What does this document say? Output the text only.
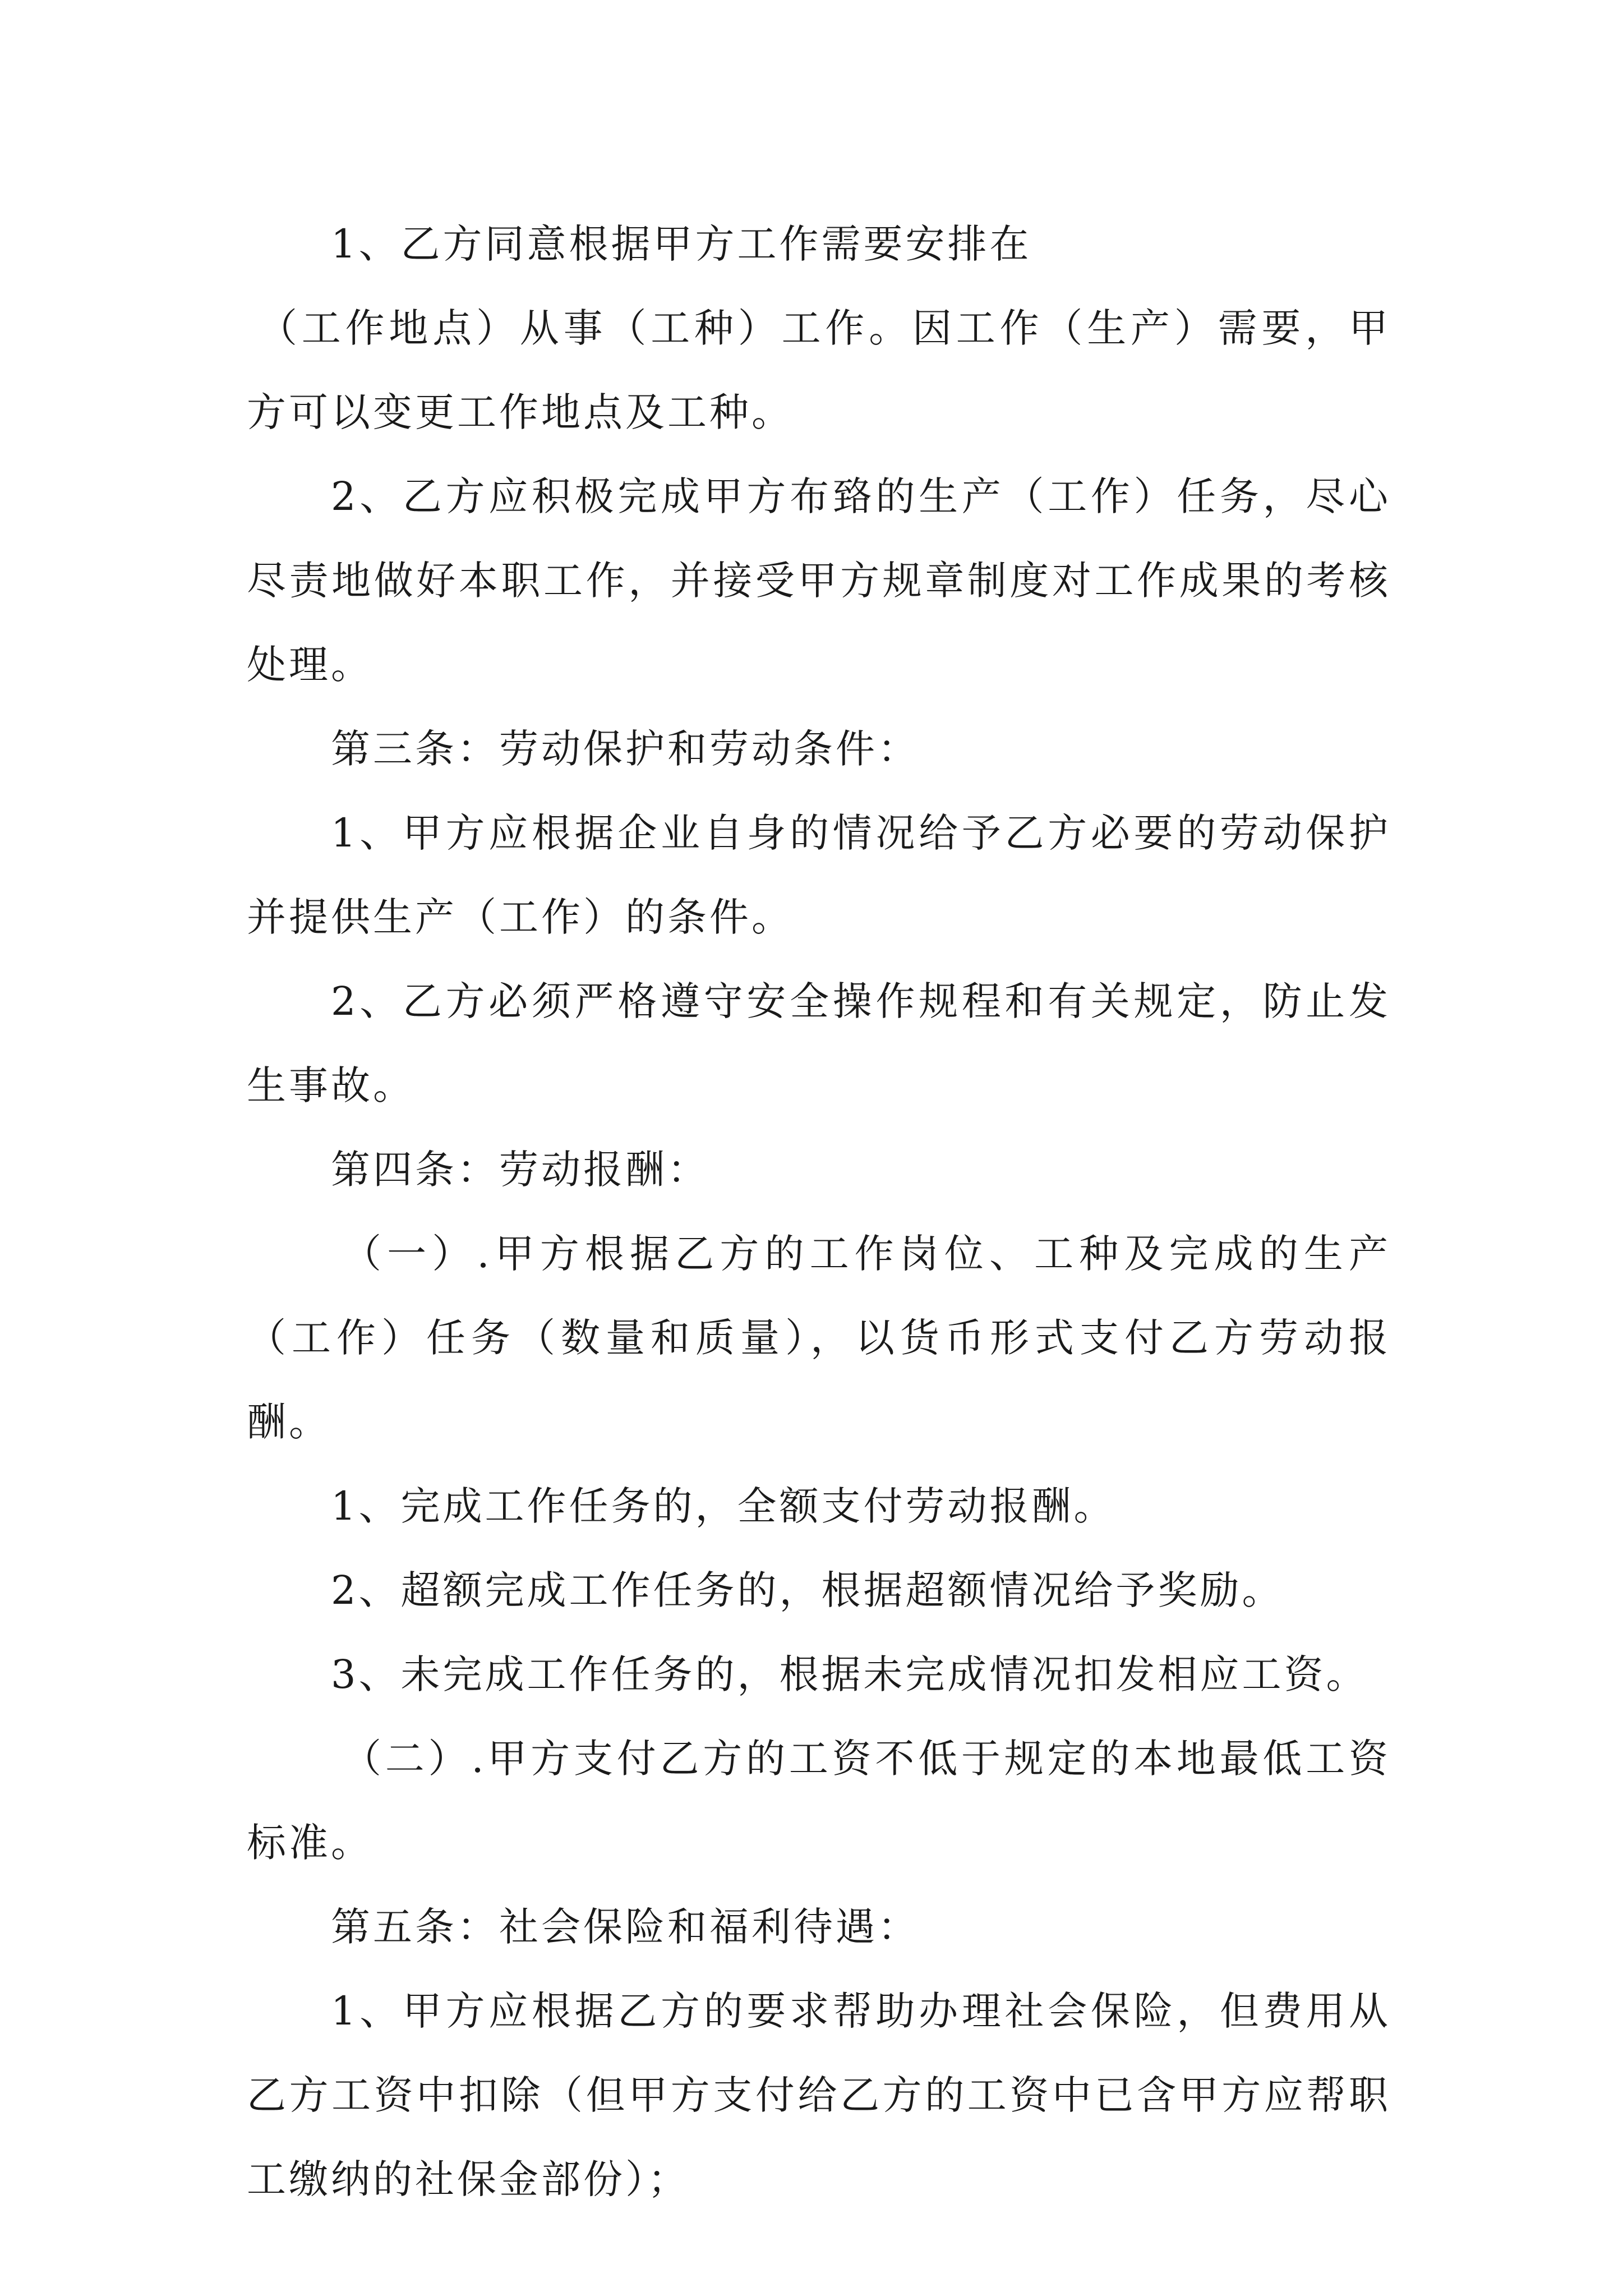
1、乙方同意根据甲方工作需要安排在

（工作地点）从事（工种）工作。因工作（生产）需要，甲方可以变更工作地点及工种。

2、乙方应积极完成甲方布臵的生产（工作）任务，尽心尽责地做好本职工作，并接受甲方规章制度对工作成果的考核处理。

第三条：劳动保护和劳动条件：

1、甲方应根据企业自身的情况给予乙方必要的劳动保护并提供生产（工作）的条件。

2、乙方必须严格遵守安全操作规程和有关规定，防止发生事故。

第四条：劳动报酬：

（一）.甲方根据乙方的工作岗位、工种及完成的生产（工作）任务（数量和质量），以货币形式支付乙方劳动报酬。

1、完成工作任务的，全额支付劳动报酬。

2、超额完成工作任务的，根据超额情况给予奖励。

3、未完成工作任务的，根据未完成情况扣发相应工资。

（二）.甲方支付乙方的工资不低于规定的本地最低工资标准。

第五条：社会保险和福利待遇：

1、甲方应根据乙方的要求帮助办理社会保险，但费用从乙方工资中扣除（但甲方支付给乙方的工资中已含甲方应帮职工缴纳的社保金部份）；
